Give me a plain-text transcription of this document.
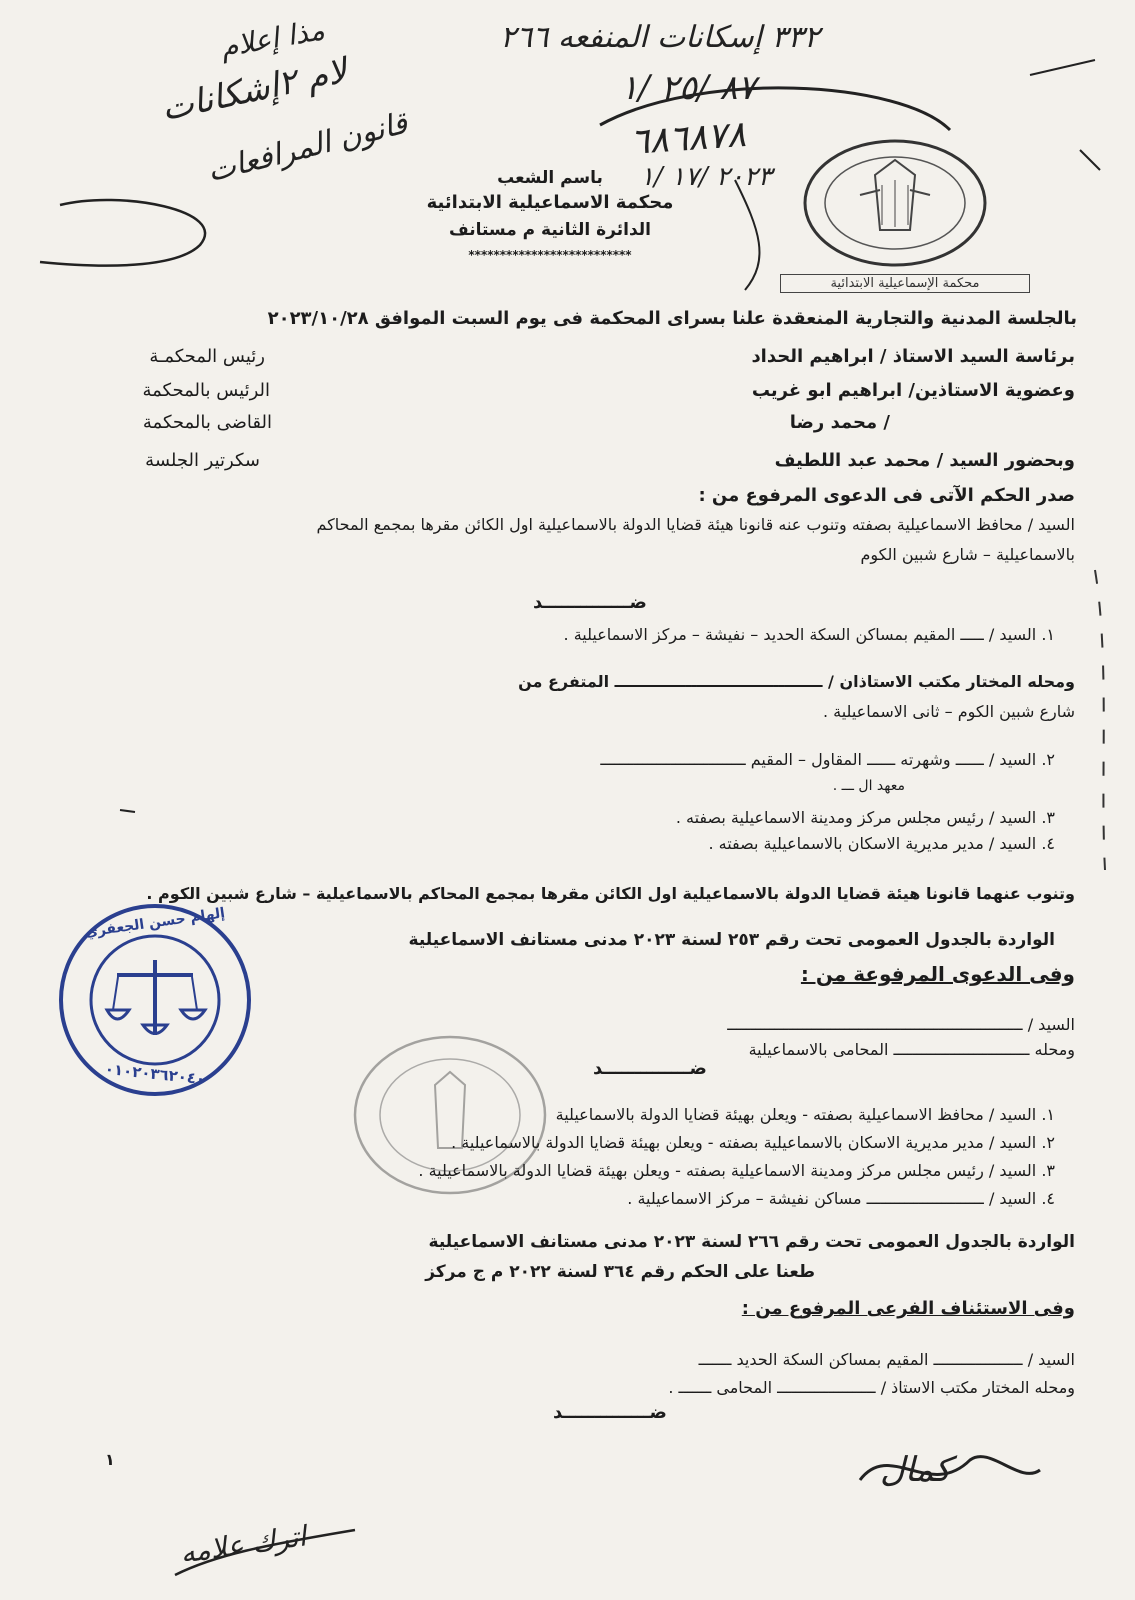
٣٣٢ إسكانات المنفعه ٢٦٦
٨٧ /٢٥ /١
٦٨٦٨٧٨
٢٠٢٣ /١٧ /١
مذا إعلام
لام ٢إشكانات
قانون المرافعات
محكمة الإسماعيلية الابتدائية
باسم الشعب
محكمة الاسماعيلية الابتدائية
الدائرة الثانية م مستانف
**************************
بالجلسة المدنية والتجارية المنعقدة علنا بسراى المحكمة فى يوم السبت الموافق ٢٠٢٣/١٠/٢٨
برئاسة السيد الاستاذ / ابراهيم الحداد
رئيس المحكمـة
وعضوية الاستاذين/ ابراهيم ابو غريب
الرئيس بالمحكمة
/ محمد رضا
القاضى بالمحكمة
وبحضور السيد / محمد عبد اللطيف
سكرتير الجلسة
صدر الحكم الآتى فى الدعوى المرفوع من :
السيد / محافظ الاسماعيلية بصفته وتنوب عنه قانونا هيئة قضايا الدولة بالاسماعيلية اول الكائن مقرها بمجمع المحاكم
بالاسماعيلية – شارع شبين الكوم
ضــــــــــــــد
١. السيد / ـــــ المقيم بمساكن السكة الحديد – نفيشة – مركز الاسماعيلية .
ومحله المختار مكتب الاستاذان / ــــــــــــــــــــــــــــــــــــــ المتفرع من
شارع شبين الكوم – ثانى الاسماعيلية .
٢. السيد / ــــــ وشهرته ــــــ المقاول – المقيم ـــــــــــــــــــــــــــــــ
معهد ال ـــ .
٣. السيد / رئيس مجلس مركز ومدينة الاسماعيلية بصفته .
٤. السيد / مدير مديرية الاسكان بالاسماعيلية بصفته .
وتنوب عنهما قانونا هيئة قضايا الدولة بالاسماعيلية اول الكائن مقرها بمجمع المحاكم بالاسماعيلية – شارع شبين الكوم .
الواردة بالجدول العمومى تحت رقم ٢٥٣ لسنة ٢٠٢٣ مدنى مستانف الاسماعيلية
إلهام حسن الجعفري
٠١٠٢٠٣٦٢٠٤٠
وفى الدعوى المرفوعة من :
السيد / ـــــــــــــــــــــــــــــــــــــــــــــــــــــــــــــــ
ومحله ـــــــــــــــــــــــــــــ المحامى بالاسماعيلية
ضــــــــــــــد
١. السيد / محافظ الاسماعيلية بصفته - ويعلن بهيئة قضايا الدولة بالاسماعيلية
٢. السيد / مدير مديرية الاسكان بالاسماعيلية بصفته - ويعلن بهيئة قضايا الدولة بالاسماعيلية .
٣. السيد / رئيس مجلس مركز ومدينة الاسماعيلية بصفته - ويعلن بهيئة قضايا الدولة بالاسماعيلية .
٤. السيد / ـــــــــــــــــــــــــ مساكن نفيشة – مركز الاسماعيلية .
الواردة بالجدول العمومى تحت رقم ٢٦٦ لسنة ٢٠٢٣ مدنى مستانف الاسماعيلية
طعنا على الحكم رقم ٣٦٤ لسنة ٢٠٢٢ م ج مركز
وفى الاستئناف الفرعى المرفوع من :
السيد / ـــــــــــــــــــ المقيم بمساكن السكة الحديد ـــــــ
ومحله المختار مكتب الاستاذ / ـــــــــــــــــــــ المحامى ـــــــ .
ضــــــــــــــد
كمال
اترك علامه
١
